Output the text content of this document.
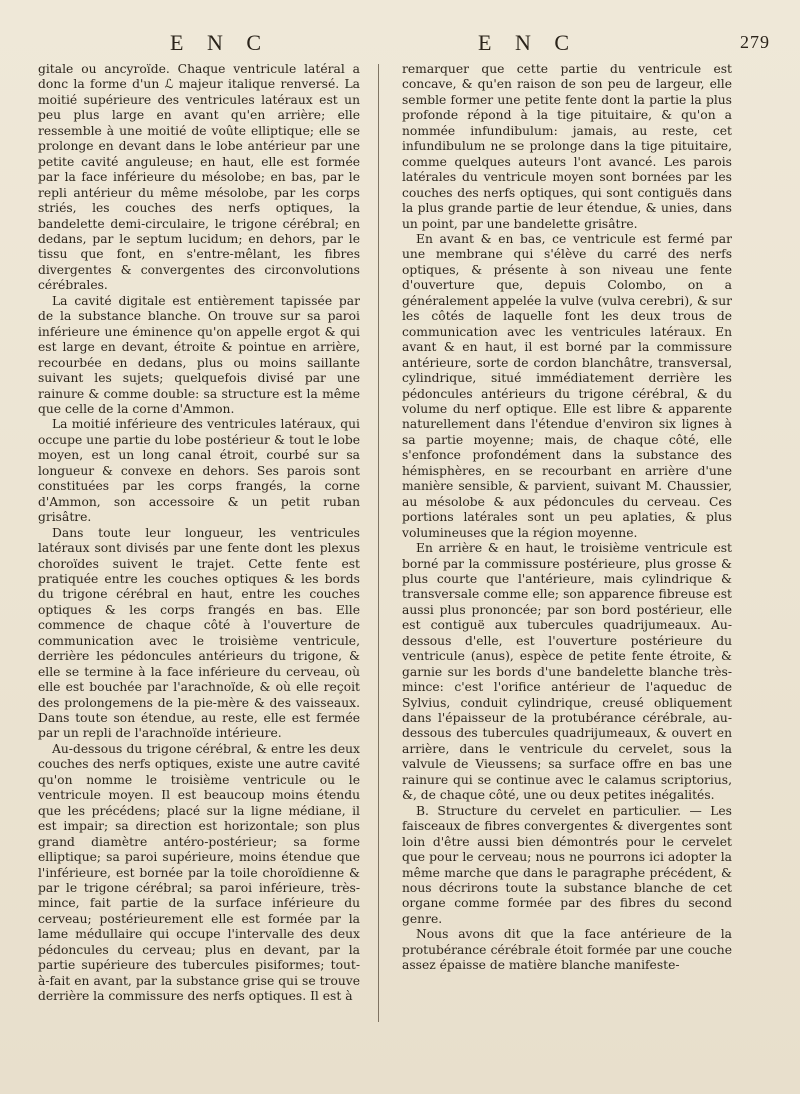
E N C	E N C	279

gitale ou ancyroïde. Chaque ventricule latéral a donc la forme d'un ℒ majeur italique renversé. La moitié supérieure des ventricules latéraux est un peu plus large en avant qu'en arrière; elle ressemble à une moitié de voûte elliptique; elle se prolonge en devant dans le lobe antérieur par une petite cavité anguleuse; en haut, elle est formée par la face inférieure du mésolobe; en bas, par le repli antérieur du même mésolobe, par les corps striés, les couches des nerfs optiques, la bandelette demi-circulaire, le trigone cérébral; en dedans, par le septum lucidum; en dehors, par le tissu que font, en s'entre-mêlant, les fibres divergentes & convergentes des circonvolutions cérébrales.

La cavité digitale est entièrement tapissée par de la substance blanche. On trouve sur sa paroi inférieure une éminence qu'on appelle ergot & qui est large en devant, étroite & pointue en arrière, recourbée en dedans, plus ou moins saillante suivant les sujets; quelquefois divisé par une rainure & comme double: sa structure est la même que celle de la corne d'Ammon.

La moitié inférieure des ventricules latéraux, qui occupe une partie du lobe postérieur & tout le lobe moyen, est un long canal étroit, courbé sur sa longueur & convexe en dehors. Ses parois sont constituées par les corps frangés, la corne d'Ammon, son accessoire & un petit ruban grisâtre.

Dans toute leur longueur, les ventricules latéraux sont divisés par une fente dont les plexus choroïdes suivent le trajet. Cette fente est pratiquée entre les couches optiques & les bords du trigone cérébral en haut, entre les couches optiques & les corps frangés en bas. Elle commence de chaque côté à l'ouverture de communication avec le troisième ventricule, derrière les pédoncules antérieurs du trigone, & elle se termine à la face inférieure du cerveau, où elle est bouchée par l'arachnoïde, & où elle reçoit des prolongemens de la pie-mère & des vaisseaux. Dans toute son étendue, au reste, elle est fermée par un repli de l'arachnoïde intérieure.

Au-dessous du trigone cérébral, & entre les deux couches des nerfs optiques, existe une autre cavité qu'on nomme le troisième ventricule ou le ventricule moyen. Il est beaucoup moins étendu que les précédens; placé sur la ligne médiane, il est impair; sa direction est horizontale; son plus grand diamètre antéro-postérieur; sa forme elliptique; sa paroi supérieure, moins étendue que l'inférieure, est bornée par la toile choroïdienne & par le trigone cérébral; sa paroi inférieure, très-mince, fait partie de la surface inférieure du cerveau; postérieurement elle est formée par la lame médullaire qui occupe l'intervalle des deux pédoncules du cerveau; plus en devant, par la partie supérieure des tubercules pisiformes; tout-à-fait en avant, par la substance grise qui se trouve derrière la commissure des nerfs optiques. Il est à

remarquer que cette partie du ventricule est concave, & qu'en raison de son peu de largeur, elle semble former une petite fente dont la partie la plus profonde répond à la tige pituitaire, & qu'on a nommée infundibulum: jamais, au reste, cet infundibulum ne se prolonge dans la tige pituitaire, comme quelques auteurs l'ont avancé. Les parois latérales du ventricule moyen sont bornées par les couches des nerfs optiques, qui sont contiguës dans la plus grande partie de leur étendue, & unies, dans un point, par une bandelette grisâtre.

En avant & en bas, ce ventricule est fermé par une membrane qui s'élève du carré des nerfs optiques, & présente à son niveau une fente d'ouverture que, depuis Colombo, on a généralement appelée la vulve (vulva cerebri), & sur les côtés de laquelle font les deux trous de communication avec les ventricules latéraux. En avant & en haut, il est borné par la commissure antérieure, sorte de cordon blanchâtre, transversal, cylindrique, situé immédiatement derrière les pédoncules antérieurs du trigone cérébral, & du volume du nerf optique. Elle est libre & apparente naturellement dans l'étendue d'environ six lignes à sa partie moyenne; mais, de chaque côté, elle s'enfonce profondément dans la substance des hémisphères, en se recourbant en arrière d'une manière sensible, & parvient, suivant M. Chaussier, au mésolobe & aux pédoncules du cerveau. Ces portions latérales sont un peu aplaties, & plus volumineuses que la région moyenne.

En arrière & en haut, le troisième ventricule est borné par la commissure postérieure, plus grosse & plus courte que l'antérieure, mais cylindrique & transversale comme elle; son apparence fibreuse est aussi plus prononcée; par son bord postérieur, elle est contiguë aux tubercules quadrijumeaux. Au-dessous d'elle, est l'ouverture postérieure du ventricule (anus), espèce de petite fente étroite, & garnie sur les bords d'une bandelette blanche très-mince: c'est l'orifice antérieur de l'aqueduc de Sylvius, conduit cylindrique, creusé obliquement dans l'épaisseur de la protubérance cérébrale, au-dessous des tubercules quadrijumeaux, & ouvert en arrière, dans le ventricule du cervelet, sous la valvule de Vieussens; sa surface offre en bas une rainure qui se continue avec le calamus scriptorius, &, de chaque côté, une ou deux petites inégalités.

B. Structure du cervelet en particulier. — Les faisceaux de fibres convergentes & divergentes sont loin d'être aussi bien démontrés pour le cervelet que pour le cerveau; nous ne pourrons ici adopter la même marche que dans le paragraphe précédent, & nous décrirons toute la substance blanche de cet organe comme formée par des fibres du second genre.

Nous avons dit que la face antérieure de la protubérance cérébrale étoit formée par une couche assez épaisse de matière blanche manifeste-
